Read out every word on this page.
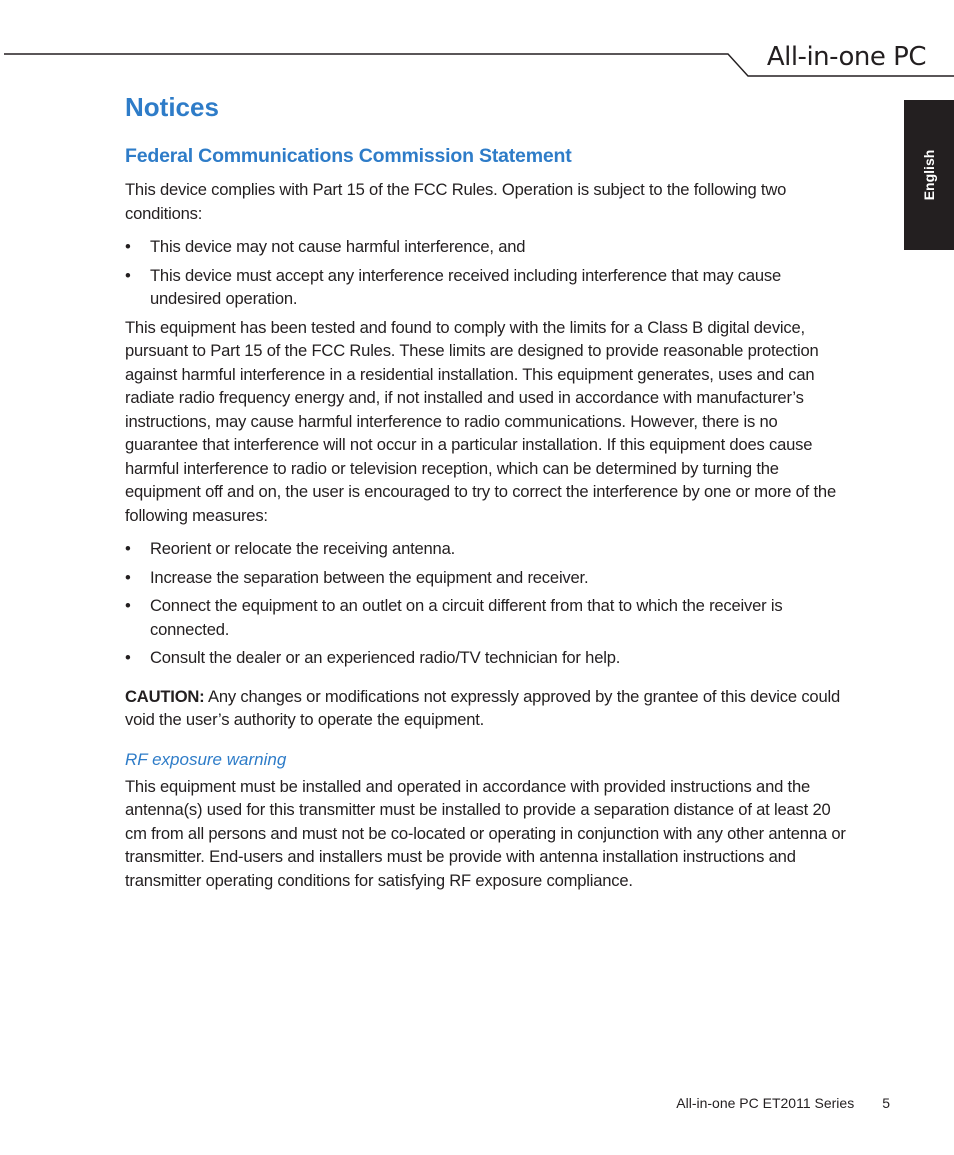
All-in-one PC
English
Notices
Federal Communications Commission Statement

This device complies with Part 15 of the FCC Rules. Operation is subject to the following two conditions:

• This device may not cause harmful interference, and
• This device must accept any interference received including interference that may cause undesired operation.

This equipment has been tested and found to comply with the limits for a Class B digital device, pursuant to Part 15 of the FCC Rules. These limits are designed to provide reasonable protection against harmful interference in a residential installation. This equipment generates, uses and can radiate radio frequency energy and, if not installed and used in accordance with manufacturer’s instructions, may cause harmful interference to radio communications. However, there is no guarantee that interference will not occur in a particular installation. If this equipment does cause harmful interference to radio or television reception, which can be determined by turning the equipment off and on, the user is encouraged to try to correct the interference by one or more of the following measures:

• Reorient or relocate the receiving antenna.
• Increase the separation between the equipment and receiver.
• Connect the equipment to an outlet on a circuit different from that to which the receiver is connected.
• Consult the dealer or an experienced radio/TV technician for help.

CAUTION: Any changes or modifications not expressly approved by the grantee of this device could void the user’s authority to operate the equipment.

RF exposure warning

This equipment must be installed and operated in accordance with provided instructions and the antenna(s) used for this transmitter must be installed to provide a separation distance of at least 20 cm from all persons and must not be co-located or operating in conjunction with any other antenna or transmitter. End-users and installers must be provide with antenna installation instructions and transmitter operating conditions for satisfying RF exposure compliance.

All-in-one PC ET2011 Series 5
